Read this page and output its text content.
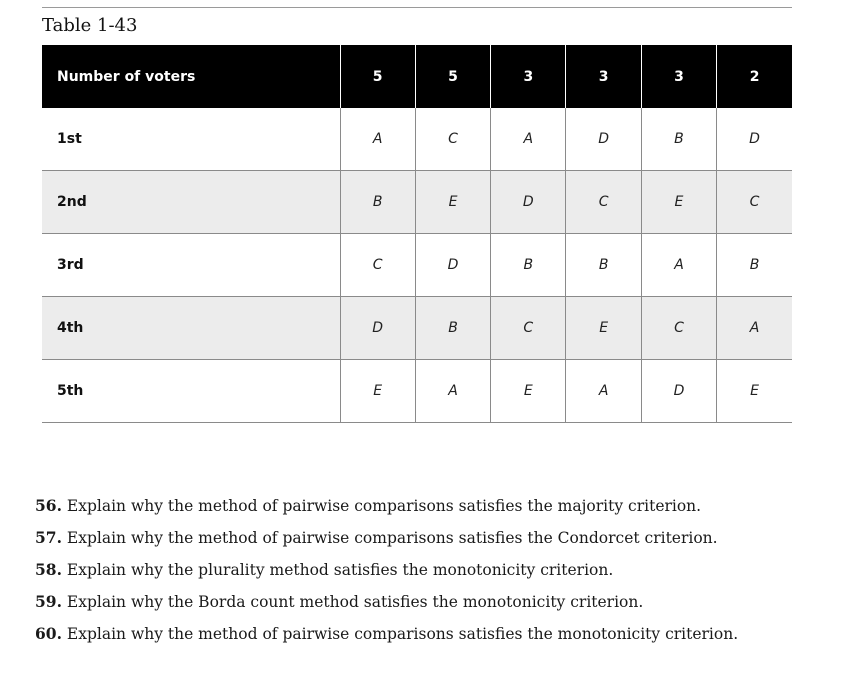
Table 1-43
Number of voters	5	5	3	3	3	2
1st	A	C	A	D	B	D
2nd	B	E	D	C	E	C
3rd	C	D	B	B	A	B
4th	D	B	C	E	C	A
5th	E	A	E	A	D	E
56. Explain why the method of pairwise comparisons satisfies the majority criterion.
57. Explain why the method of pairwise comparisons satisfies the Condorcet criterion.
58. Explain why the plurality method satisfies the monotonicity criterion.
59. Explain why the Borda count method satisfies the monotonicity criterion.
60. Explain why the method of pairwise comparisons satisfies the monotonicity criterion.
